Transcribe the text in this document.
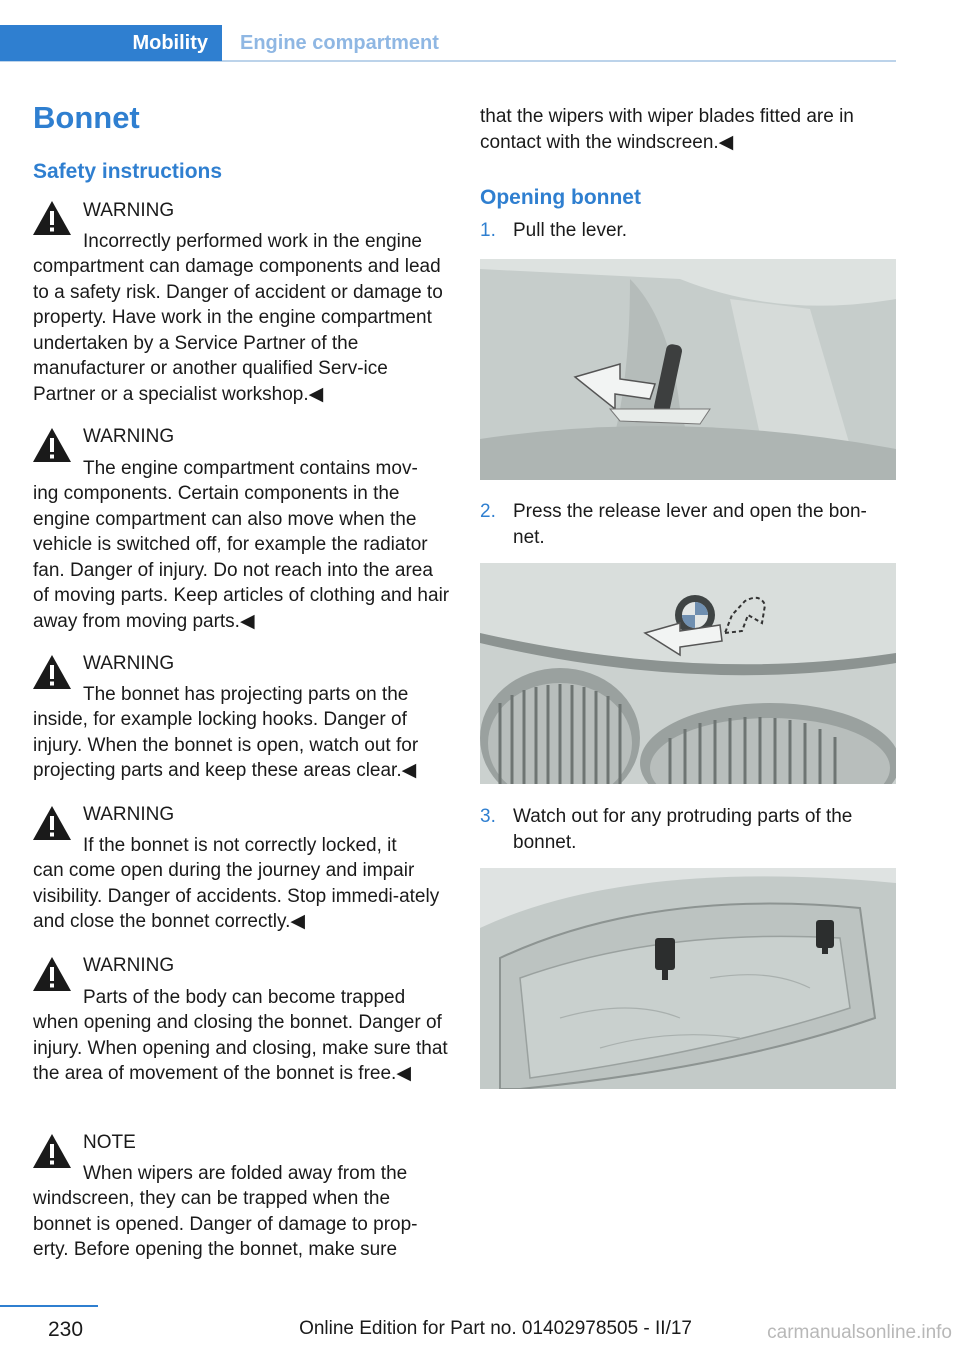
Mobility	Engine compartment
Bonnet
Safety instructions
WARNING
Incorrectly performed work in the engine
compartment can damage components and lead to a safety risk. Danger of accident or damage to property. Have work in the engine compartment undertaken by a Service Partner of the manufacturer or another qualified Serv-ice Partner or a specialist workshop.◀
WARNING
The engine compartment contains mov-
ing components. Certain components in the engine compartment can also move when the vehicle is switched off, for example the radiator fan. Danger of injury. Do not reach into the area of moving parts. Keep articles of clothing and hair away from moving parts.◀
WARNING
The bonnet has projecting parts on the
inside, for example locking hooks. Danger of injury. When the bonnet is open, watch out for projecting parts and keep these areas clear.◀
WARNING
If the bonnet is not correctly locked, it
can come open during the journey and impair visibility. Danger of accidents. Stop immedi-ately and close the bonnet correctly.◀
WARNING
Parts of the body can become trapped
when opening and closing the bonnet. Danger of injury. When opening and closing, make sure that the area of movement of the bonnet is free.◀
NOTE
When wipers are folded away from the
windscreen, they can be trapped when the bonnet is opened. Danger of damage to prop-erty. Before opening the bonnet, make sure
that the wipers with wiper blades fitted are in contact with the windscreen.◀
Opening bonnet
1. Pull the lever.
2. Press the release lever and open the bon-net.
3. Watch out for any protruding parts of the bonnet.
230	Online Edition for Part no. 01402978505 - II/17	carmanualsonline.info
